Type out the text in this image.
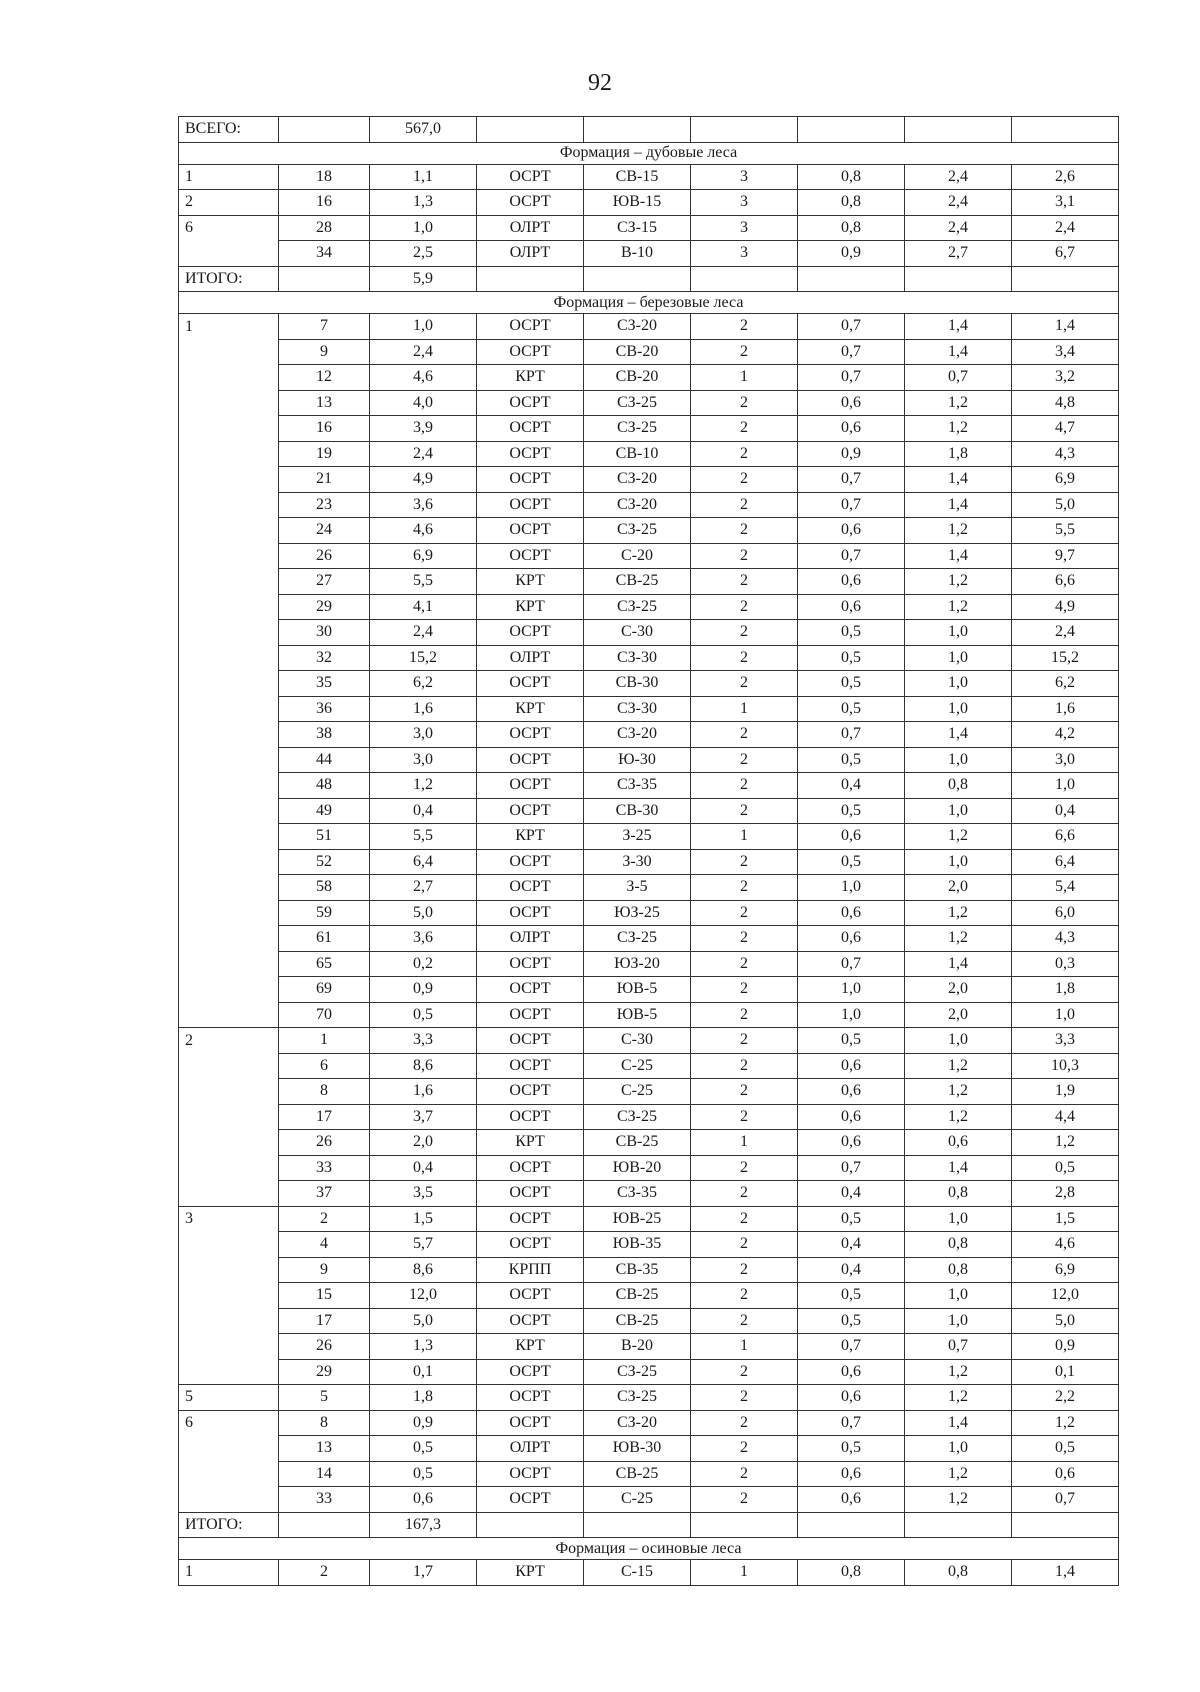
92
ВСЕГО:		567,0						
Формация – дубовые леса								
1	18	1,1	ОСРТ	СВ-15	3	0,8	2,4	2,6
2	16	1,3	ОСРТ	ЮВ-15	3	0,8	2,4	3,1
6	28	1,0	ОЛРТ	СЗ-15	3	0,8	2,4	2,4
	34	2,5	ОЛРТ	В-10	3	0,9	2,7	6,7
ИТОГО:		5,9						
Формация – березовые леса								
1	7	1,0	ОСРТ	СЗ-20	2	0,7	1,4	1,4
	9	2,4	ОСРТ	СВ-20	2	0,7	1,4	3,4
	12	4,6	КРТ	СВ-20	1	0,7	0,7	3,2
	13	4,0	ОСРТ	СЗ-25	2	0,6	1,2	4,8
	16	3,9	ОСРТ	СЗ-25	2	0,6	1,2	4,7
	19	2,4	ОСРТ	СВ-10	2	0,9	1,8	4,3
	21	4,9	ОСРТ	СЗ-20	2	0,7	1,4	6,9
	23	3,6	ОСРТ	СЗ-20	2	0,7	1,4	5,0
	24	4,6	ОСРТ	СЗ-25	2	0,6	1,2	5,5
	26	6,9	ОСРТ	С-20	2	0,7	1,4	9,7
	27	5,5	КРТ	СВ-25	2	0,6	1,2	6,6
	29	4,1	КРТ	СЗ-25	2	0,6	1,2	4,9
	30	2,4	ОСРТ	С-30	2	0,5	1,0	2,4
	32	15,2	ОЛРТ	СЗ-30	2	0,5	1,0	15,2
	35	6,2	ОСРТ	СВ-30	2	0,5	1,0	6,2
	36	1,6	КРТ	СЗ-30	1	0,5	1,0	1,6
	38	3,0	ОСРТ	СЗ-20	2	0,7	1,4	4,2
	44	3,0	ОСРТ	Ю-30	2	0,5	1,0	3,0
	48	1,2	ОСРТ	СЗ-35	2	0,4	0,8	1,0
	49	0,4	ОСРТ	СВ-30	2	0,5	1,0	0,4
	51	5,5	КРТ	З-25	1	0,6	1,2	6,6
	52	6,4	ОСРТ	З-30	2	0,5	1,0	6,4
	58	2,7	ОСРТ	З-5	2	1,0	2,0	5,4
	59	5,0	ОСРТ	ЮЗ-25	2	0,6	1,2	6,0
	61	3,6	ОЛРТ	СЗ-25	2	0,6	1,2	4,3
	65	0,2	ОСРТ	ЮЗ-20	2	0,7	1,4	0,3
	69	0,9	ОСРТ	ЮВ-5	2	1,0	2,0	1,8
	70	0,5	ОСРТ	ЮВ-5	2	1,0	2,0	1,0
2	1	3,3	ОСРТ	С-30	2	0,5	1,0	3,3
	6	8,6	ОСРТ	С-25	2	0,6	1,2	10,3
	8	1,6	ОСРТ	С-25	2	0,6	1,2	1,9
	17	3,7	ОСРТ	СЗ-25	2	0,6	1,2	4,4
	26	2,0	КРТ	СВ-25	1	0,6	0,6	1,2
	33	0,4	ОСРТ	ЮВ-20	2	0,7	1,4	0,5
	37	3,5	ОСРТ	СЗ-35	2	0,4	0,8	2,8
3	2	1,5	ОСРТ	ЮВ-25	2	0,5	1,0	1,5
	4	5,7	ОСРТ	ЮВ-35	2	0,4	0,8	4,6
	9	8,6	КРПП	СВ-35	2	0,4	0,8	6,9
	15	12,0	ОСРТ	СВ-25	2	0,5	1,0	12,0
	17	5,0	ОСРТ	СВ-25	2	0,5	1,0	5,0
	26	1,3	КРТ	В-20	1	0,7	0,7	0,9
	29	0,1	ОСРТ	СЗ-25	2	0,6	1,2	0,1
5	5	1,8	ОСРТ	СЗ-25	2	0,6	1,2	2,2
6	8	0,9	ОСРТ	СЗ-20	2	0,7	1,4	1,2
	13	0,5	ОЛРТ	ЮВ-30	2	0,5	1,0	0,5
	14	0,5	ОСРТ	СВ-25	2	0,6	1,2	0,6
	33	0,6	ОСРТ	С-25	2	0,6	1,2	0,7
ИТОГО:		167,3						
Формация – осиновые леса								
1	2	1,7	КРТ	С-15	1	0,8	0,8	1,4
